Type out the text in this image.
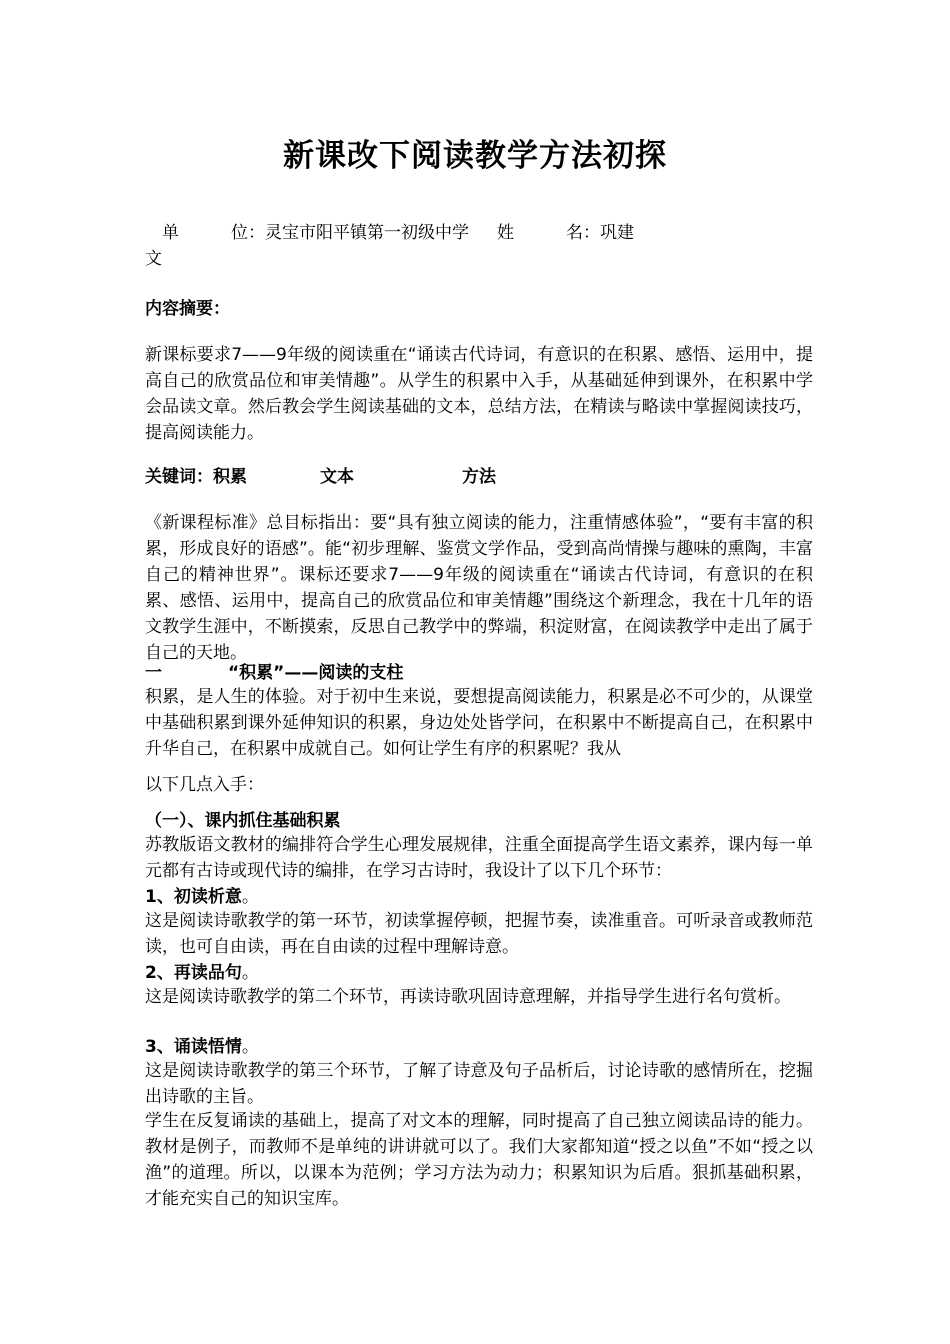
新课改下阅读教学方法初探
单	位：灵宝市阳平镇第一初级中学 姓	名：巩建
文
内容摘要：
新课标要求7——9年级的阅读重在“诵读古代诗词，有意识的在积累、感悟、运用中，提高自己的欣赏品位和审美情趣”。从学生的积累中入手，从基础延伸到课外，在积累中学会品读文章。然后教会学生阅读基础的文本，总结方法，在精读与略读中掌握阅读技巧，提高阅读能力。
关键词：积累	文本	方法
《新课程标准》总目标指出：要“具有独立阅读的能力，注重情感体验”，“要有丰富的积累，形成良好的语感”。能“初步理解、鉴赏文学作品，受到高尚情操与趣味的熏陶，丰富自己的精神世界”。课标还要求7——9年级的阅读重在“诵读古代诗词，有意识的在积累、感悟、运用中，提高自己的欣赏品位和审美情趣”围绕这个新理念，我在十几年的语文教学生涯中，不断摸索，反思自己教学中的弊端，积淀财富，在阅读教学中走出了属于自己的天地。
一	“积累”——阅读的支柱
积累，是人生的体验。对于初中生来说，要想提高阅读能力，积累是必不可少的，从课堂中基础积累到课外延伸知识的积累，身边处处皆学问，在积累中不断提高自己，在积累中升华自己，在积累中成就自己。如何让学生有序的积累呢？我从
以下几点入手：
（一）、课内抓住基础积累
苏教版语文教材的编排符合学生心理发展规律，注重全面提高学生语文素养，课内每一单元都有古诗或现代诗的编排，在学习古诗时，我设计了以下几个环节：
1、初读析意。
这是阅读诗歌教学的第一环节，初读掌握停顿，把握节奏，读准重音。可听录音或教师范读，也可自由读，再在自由读的过程中理解诗意。
2、再读品句。
这是阅读诗歌教学的第二个环节，再读诗歌巩固诗意理解，并指导学生进行名句赏析。
3、诵读悟情。
这是阅读诗歌教学的第三个环节，了解了诗意及句子品析后，讨论诗歌的感情所在，挖掘出诗歌的主旨。
学生在反复诵读的基础上，提高了对文本的理解，同时提高了自己独立阅读品诗的能力。教材是例子，而教师不是单纯的讲讲就可以了。我们大家都知道“授之以鱼”不如“授之以渔”的道理。所以，以课本为范例；学习方法为动力；积累知识为后盾。狠抓基础积累，才能充实自己的知识宝库。
